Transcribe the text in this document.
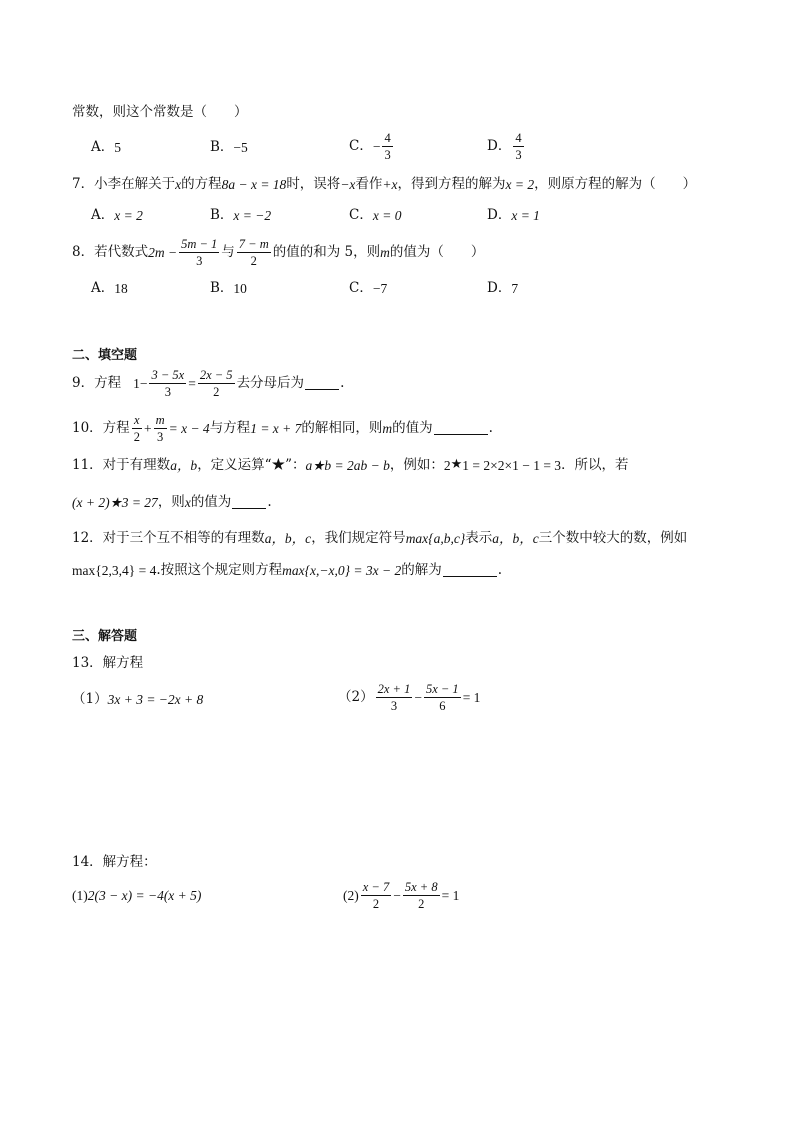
常数，则这个常数是（　　）
A． 5	B． −5	C． − $\frac{4}{3}$	D． $\frac{4}{3}$
7． 小李在解关于 x 的方程 8a − x = 18 时，误将 −x 看作 +x ，得到方程的解为 x = 2 ，则原方程的解为（　　）
A． x = 2	B． x = −2	C． x = 0	D． x = 1
8． 若代数式 $2m - \frac{5m - 1}{3}$ 与 $\frac{7 - m}{2}$ 的值的和为 5，则 m 的值为（　　）
A． 18	B． 10	C． −7	D． 7
二、填空题
9．方程 $1- \frac{3 - 5x}{3} = \frac{2x - 5}{2}$ 去分母后为	.
10．方程 $\frac{x}{2} + \frac{m}{3} = x - 4$ 与方程 1 = x + 7 的解相同，则 m 的值为	.
11．对于有理数 a，b ，定义运算“★”： a★b = 2ab − b ，例如： 2 ★ 1 = 2×2×1 − 1 = 3 ．所以，若
(x + 2)★3 = 27 ，则 x 的值为	.
12．对于三个互不相等的有理数 a，b，c ，我们规定符号 max{a,b,c} 表示 a，b，c 三个数中较大的数，例如
max{2,3,4} = 4 .按照这个规定则方程 max{x,−x,0} = 3x − 2 的解为	.
三、解答题
13．解方程
（1） 3x + 3 = −2x + 8	$(2) \frac{2x + 1}{3} - \frac{5x - 1}{6} = 1$
14．解方程：
(1) 2(3 − x) = −4(x + 5)	$(2) \frac{x - 7}{2} - \frac{5x + 8}{2} = 1$
